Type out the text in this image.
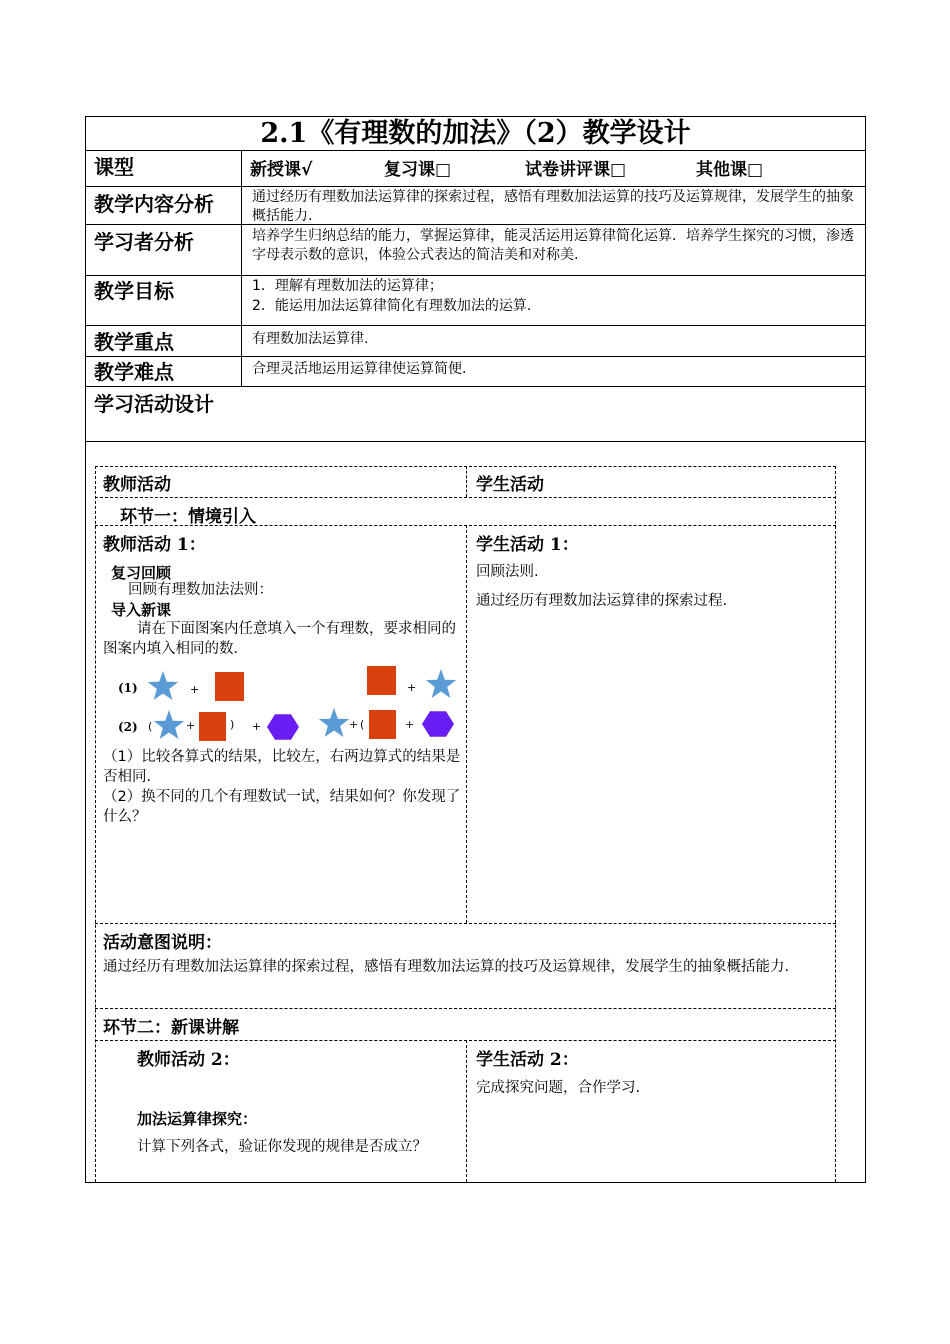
2.1《有理数的加法》（2）教学设计
课型	新授课√	复习课□	试卷讲评课□	其他课□
教学内容分析	通过经历有理数加法运算律的探索过程，感悟有理数加法运算的技巧及运算规律，发展学生的抽象概括能力.
学习者分析	培养学生归纳总结的能力，掌握运算律，能灵活运用运算律简化运算．培养学生探究的习惯，渗透字母表示数的意识，体验公式表达的简洁美和对称美.
教学目标	1．理解有理数加法的运算律；
2．能运用加法运算律简化有理数加法的运算.
教学重点	有理数加法运算律.
教学难点	合理灵活地运用运算律使运算简便.
学习活动设计
教师活动	学生活动
环节一：情境引入
教师活动 1：
复习回顾
回顾有理数加法法则：
导入新课
请在下面图案内任意填入一个有理数，要求相同的图案内填入相同的数．
(1)	+	+
(2) (	+	) +	+ (	+
（1）比较各算式的结果，比较左，右两边算式的结果是否相同.
（2）换不同的几个有理数试一试，结果如何？你发现了什么？
学生活动 1：
回顾法则.
通过经历有理数加法运算律的探索过程.
活动意图说明：
通过经历有理数加法运算律的探索过程，感悟有理数加法运算的技巧及运算规律，发展学生的抽象概括能力.
环节二：新课讲解
教师活动 2：
加法运算律探究：
计算下列各式，验证你发现的规律是否成立？
学生活动 2：
完成探究问题，合作学习.
